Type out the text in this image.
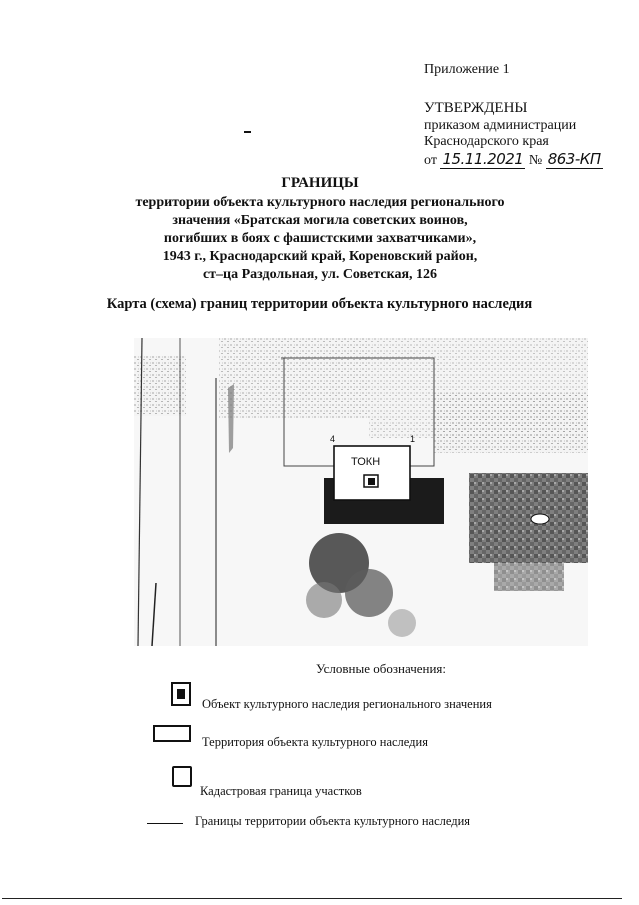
Приложение 1
УТВЕРЖДЕНЫ
приказом администрации
Краснодарского края
от 15.11.2021 № 863-КП
ГРАНИЦЫ
территории объекта культурного наследия регионального
значения «Братская могила советских воинов,
погибших в боях с фашистскими захватчиками»,
1943 г., Краснодарский край, Кореновский район,
ст–ца Раздольная, ул. Советская, 126
Карта (схема) границ территории объекта культурного наследия
ТОКН
4	1
Условные обозначения:
Объект культурного наследия регионального значения
Территория объекта культурного наследия
Кадастровая граница участков
Границы территории объекта культурного наследия
